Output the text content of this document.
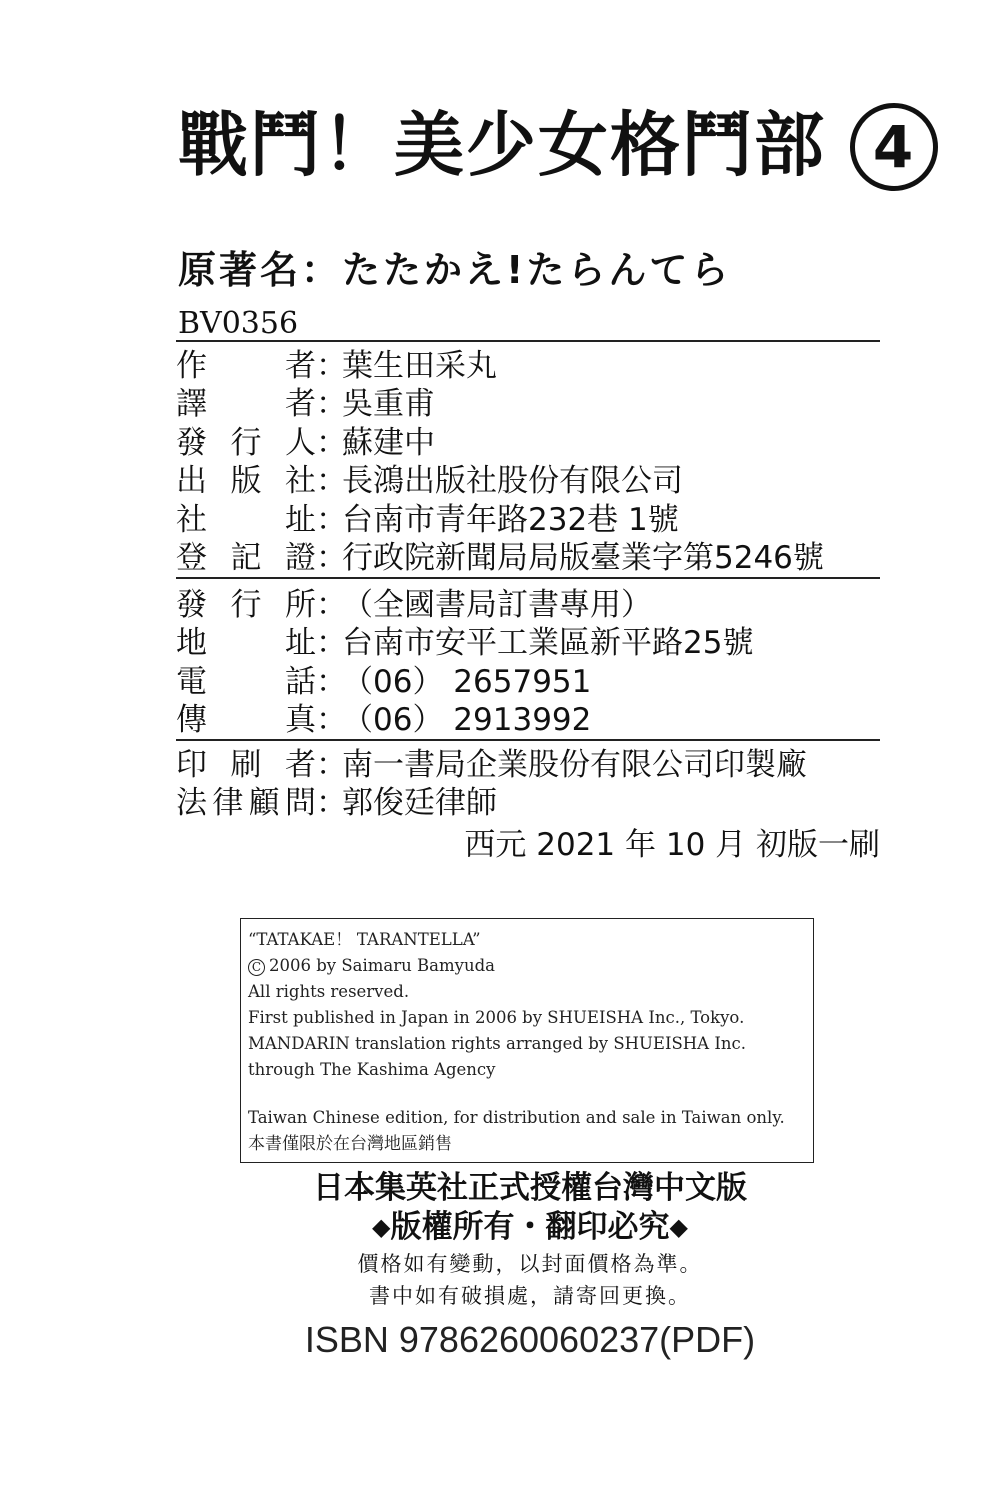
戰鬥！美少女格鬥部 4
原著名：たたかえ!たらんてら
BV0356
作	者 ：
葉生田采丸
譯	者 ：
吳重甫
發 行 人 ：
蘇建中
出 版 社 ：
長鴻出版社股份有限公司
社	址 ：
台南市青年路232巷 1號
登 記 證 ：
行政院新聞局局版臺業字第5246號
發 行 所 ：
（全國書局訂書專用）
地	址 ：
台南市安平工業區新平路25號
電	話 ：
（06） 2657951
傳	真 ：
（06） 2913992
印 刷 者 ：
南一書局企業股份有限公司印製廠
法 律 顧 問 ：
郭俊廷律師
西元 2021 年 10 月 初版一刷
“TATAKAE！ TARANTELLA”
C 2006 by Saimaru Bamyuda
All rights reserved.
First published in Japan in 2006 by SHUEISHA Inc., Tokyo.
MANDARIN translation rights arranged by SHUEISHA Inc.
through The Kashima Agency
Taiwan Chinese edition, for distribution and sale in Taiwan only.
本書僅限於在台灣地區銷售
日本集英社正式授權台灣中文版
◆版權所有・翻印必究◆
價格如有變動，以封面價格為準。
書中如有破損處，請寄回更換。
ISBN 9786260060237(PDF)
